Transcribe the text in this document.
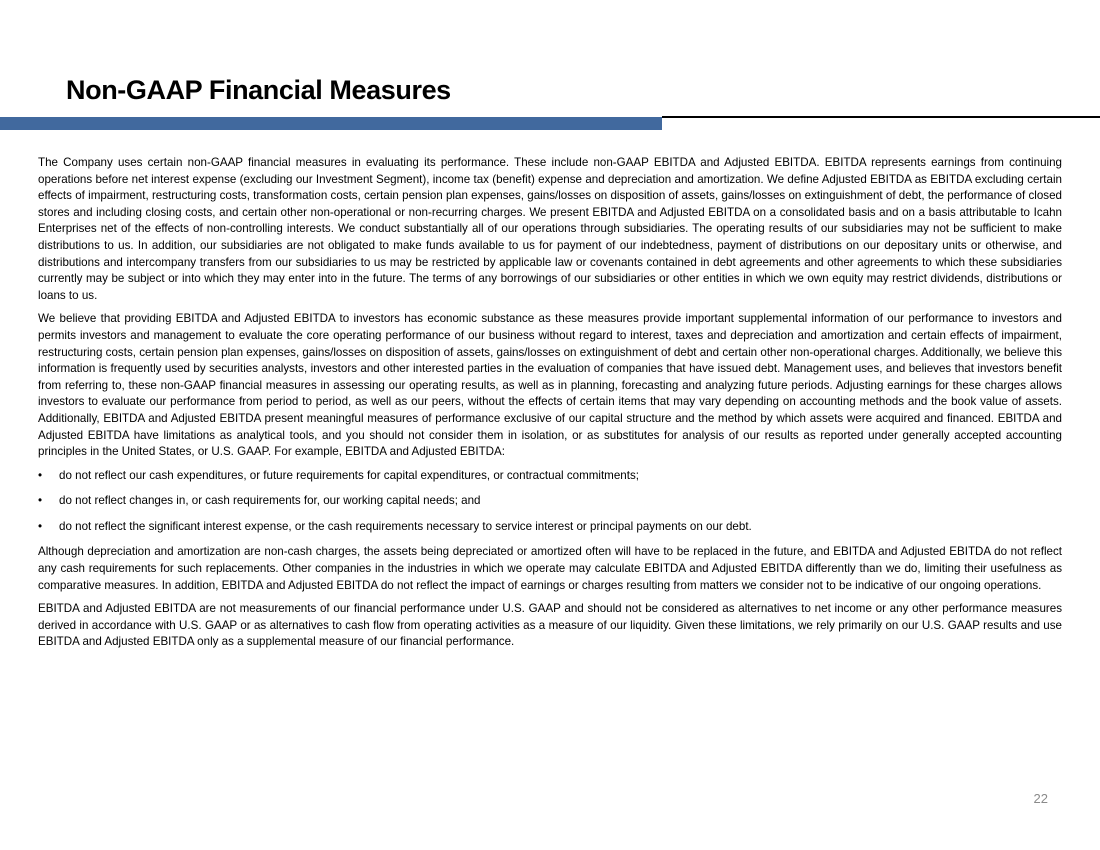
Non-GAAP Financial Measures

The Company uses certain non-GAAP financial measures in evaluating its performance. These include non-GAAP EBITDA and Adjusted EBITDA. EBITDA represents earnings from continuing operations before net interest expense (excluding our Investment Segment), income tax (benefit) expense and depreciation and amortization. We define Adjusted EBITDA as EBITDA excluding certain effects of impairment, restructuring costs, transformation costs, certain pension plan expenses, gains/losses on disposition of assets, gains/losses on extinguishment of debt, the performance of closed stores and including closing costs, and certain other non-operational or non-recurring charges. We present EBITDA and Adjusted EBITDA on a consolidated basis and on a basis attributable to Icahn Enterprises net of the effects of non-controlling interests. We conduct substantially all of our operations through subsidiaries. The operating results of our subsidiaries may not be sufficient to make distributions to us. In addition, our subsidiaries are not obligated to make funds available to us for payment of our indebtedness, payment of distributions on our depositary units or otherwise, and distributions and intercompany transfers from our subsidiaries to us may be restricted by applicable law or covenants contained in debt agreements and other agreements to which these subsidiaries currently may be subject or into which they may enter into in the future. The terms of any borrowings of our subsidiaries or other entities in which we own equity may restrict dividends, distributions or loans to us.

We believe that providing EBITDA and Adjusted EBITDA to investors has economic substance as these measures provide important supplemental information of our performance to investors and permits investors and management to evaluate the core operating performance of our business without regard to interest, taxes and depreciation and amortization and certain effects of impairment, restructuring costs, certain pension plan expenses, gains/losses on disposition of assets, gains/losses on extinguishment of debt and certain other non-operational charges. Additionally, we believe this information is frequently used by securities analysts, investors and other interested parties in the evaluation of companies that have issued debt. Management uses, and believes that investors benefit from referring to, these non-GAAP financial measures in assessing our operating results, as well as in planning, forecasting and analyzing future periods. Adjusting earnings for these charges allows investors to evaluate our performance from period to period, as well as our peers, without the effects of certain items that may vary depending on accounting methods and the book value of assets. Additionally, EBITDA and Adjusted EBITDA present meaningful measures of performance exclusive of our capital structure and the method by which assets were acquired and financed. EBITDA and Adjusted EBITDA have limitations as analytical tools, and you should not consider them in isolation, or as substitutes for analysis of our results as reported under generally accepted accounting principles in the United States, or U.S. GAAP. For example, EBITDA and Adjusted EBITDA:

• do not reflect our cash expenditures, or future requirements for capital expenditures, or contractual commitments;
• do not reflect changes in, or cash requirements for, our working capital needs; and
• do not reflect the significant interest expense, or the cash requirements necessary to service interest or principal payments on our debt.

Although depreciation and amortization are non-cash charges, the assets being depreciated or amortized often will have to be replaced in the future, and EBITDA and Adjusted EBITDA do not reflect any cash requirements for such replacements. Other companies in the industries in which we operate may calculate EBITDA and Adjusted EBITDA differently than we do, limiting their usefulness as comparative measures. In addition, EBITDA and Adjusted EBITDA do not reflect the impact of earnings or charges resulting from matters we consider not to be indicative of our ongoing operations.

EBITDA and Adjusted EBITDA are not measurements of our financial performance under U.S. GAAP and should not be considered as alternatives to net income or any other performance measures derived in accordance with U.S. GAAP or as alternatives to cash flow from operating activities as a measure of our liquidity. Given these limitations, we rely primarily on our U.S. GAAP results and use EBITDA and Adjusted EBITDA only as a supplemental measure of our financial performance.

22
